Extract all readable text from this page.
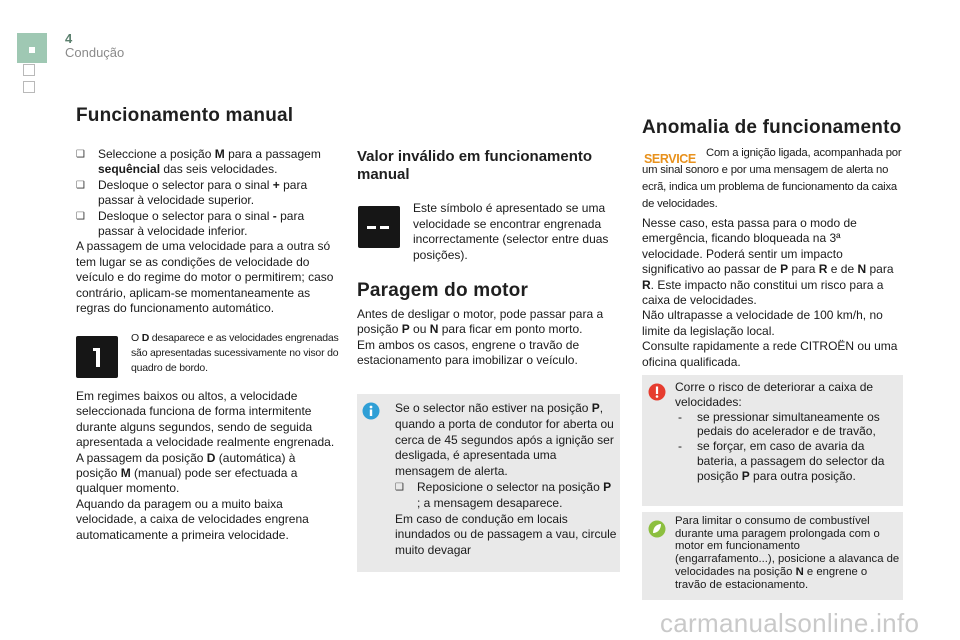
4
Condução
Funcionamento manual
❑ Seleccione a posição M para a passagem sequêncial das seis velocidades.
❑ Desloque o selector para o sinal + para passar à velocidade superior.
❑ Desloque o selector para o sinal - para passar à velocidade inferior.
A passagem de uma velocidade para a outra só tem lugar se as condições de velocidade do veículo e do regime do motor o permitirem; caso contrário, aplicam-se momentaneamente as regras do funcionamento automático.
O D desaparece e as velocidades engrenadas são apresentadas sucessivamente no visor do quadro de bordo.
Em regimes baixos ou altos, a velocidade seleccionada funciona de forma intermitente durante alguns segundos, sendo de seguida apresentada a velocidade realmente engrenada.
A passagem da posição D (automática) à posição M (manual) pode ser efectuada a qualquer momento.
Aquando da paragem ou a muito baixa velocidade, a caixa de velocidades engrena automaticamente a primeira velocidade.
Valor inválido em funcionamento manual
Este símbolo é apresentado se uma velocidade se encontrar engrenada incorrectamente (selector entre duas posições).
Paragem do motor
Antes de desligar o motor, pode passar para a posição P ou N para ficar em ponto morto.
Em ambos os casos, engrene o travão de estacionamento para imobilizar o veículo.
Se o selector não estiver na posição P, quando a porta de condutor for aberta ou cerca de 45 segundos após a ignição ser desligada, é apresentada uma mensagem de alerta.
❑ Reposicione o selector na posição P ; a mensagem desaparece.
Em caso de condução em locais inundados ou de passagem a vau, circule muito devagar
Anomalia de funcionamento
SERVICE Com a ignição ligada, acompanhada por um sinal sonoro e por uma mensagem de alerta no ecrã, indica um problema de funcionamento da caixa de velocidades.
Nesse caso, esta passa para o modo de emergência, ficando bloqueada na 3ª velocidade. Poderá sentir um impacto significativo ao passar de P para R e de N para R. Este impacto não constitui um risco para a caixa de velocidades.
Não ultrapasse a velocidade de 100 km/h, no limite da legislação local.
Consulte rapidamente a rede CITROËN ou uma oficina qualificada.
Corre o risco de deteriorar a caixa de velocidades:
- se pressionar simultaneamente os pedais do acelerador e de travão,
- se forçar, em caso de avaria da bateria, a passagem do selector da posição P para outra posição.
Para limitar o consumo de combustível durante uma paragem prolongada com o motor em funcionamento (engarrafamento...), posicione a alavanca de velocidades na posição N e engrene o travão de estacionamento.
carmanualsonline.info
